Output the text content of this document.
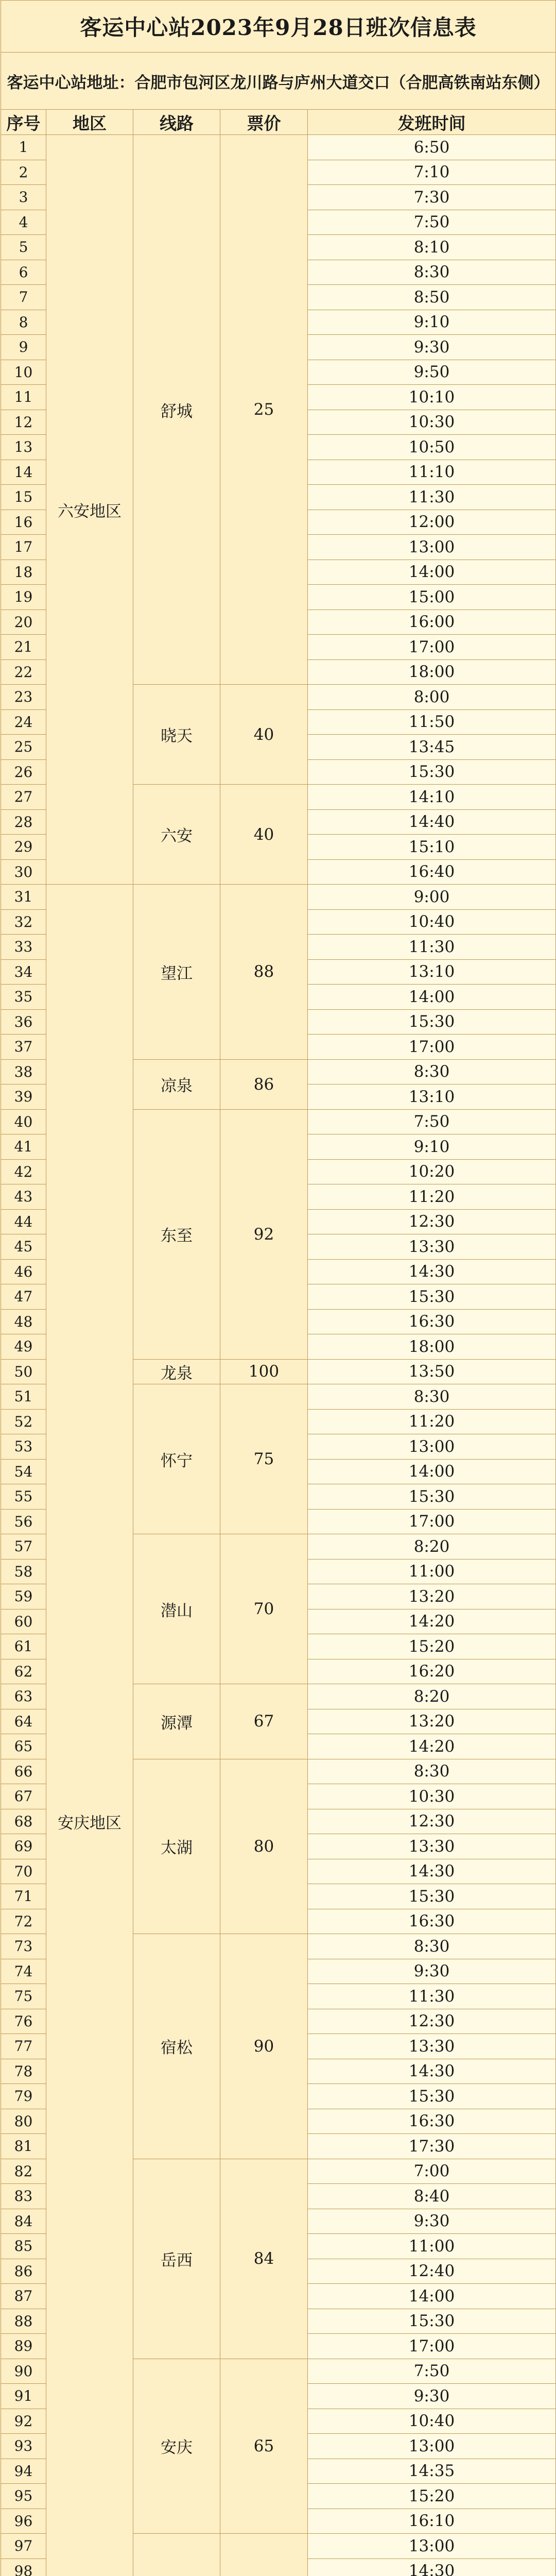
客运中心站2023年9月28日班次信息表				
客运中心站地址：合肥市包河区龙川路与庐州大道交口（合肥高铁南站东侧）				
序号	地区	线路	票价	发班时间
1	六安地区	舒城	25	6:50
2				7:10
3				7:30
4				7:50
5				8:10
6				8:30
7				8:50
8				9:10
9				9:30
10				9:50
11				10:10
12				10:30
13				10:50
14				11:10
15				11:30
16				12:00
17				13:00
18				14:00
19				15:00
20				16:00
21				17:00
22				18:00
23		晓天	40	8:00
24				11:50
25				13:45
26				15:30
27		六安	40	14:10
28				14:40
29				15:10
30				16:40
31	安庆地区	望江	88	9:00
32				10:40
33				11:30
34				13:10
35				14:00
36				15:30
37				17:00
38		凉泉	86	8:30
39				13:10
40		东至	92	7:50
41				9:10
42				10:20
43				11:20
44				12:30
45				13:30
46				14:30
47				15:30
48				16:30
49				18:00
50		龙泉	100	13:50
51		怀宁	75	8:30
52				11:20
53				13:00
54				14:00
55				15:30
56				17:00
57		潜山	70	8:20
58				11:00
59				13:20
60				14:20
61				15:20
62				16:20
63		源潭	67	8:20
64				13:20
65				14:20
66		太湖	80	8:30
67				10:30
68				12:30
69				13:30
70				14:30
71				15:30
72				16:30
73		宿松	90	8:30
74				9:30
75				11:30
76				12:30
77				13:30
78				14:30
79				15:30
80				16:30
81				17:30
82		岳西	84	7:00
83				8:40
84				9:30
85				11:00
86				12:40
87				14:00
88				15:30
89				17:00
90		安庆	65	7:50
91				9:30
92				10:40
93				13:00
94				14:35
95				15:20
96				16:10
97				13:00
98				14:30
